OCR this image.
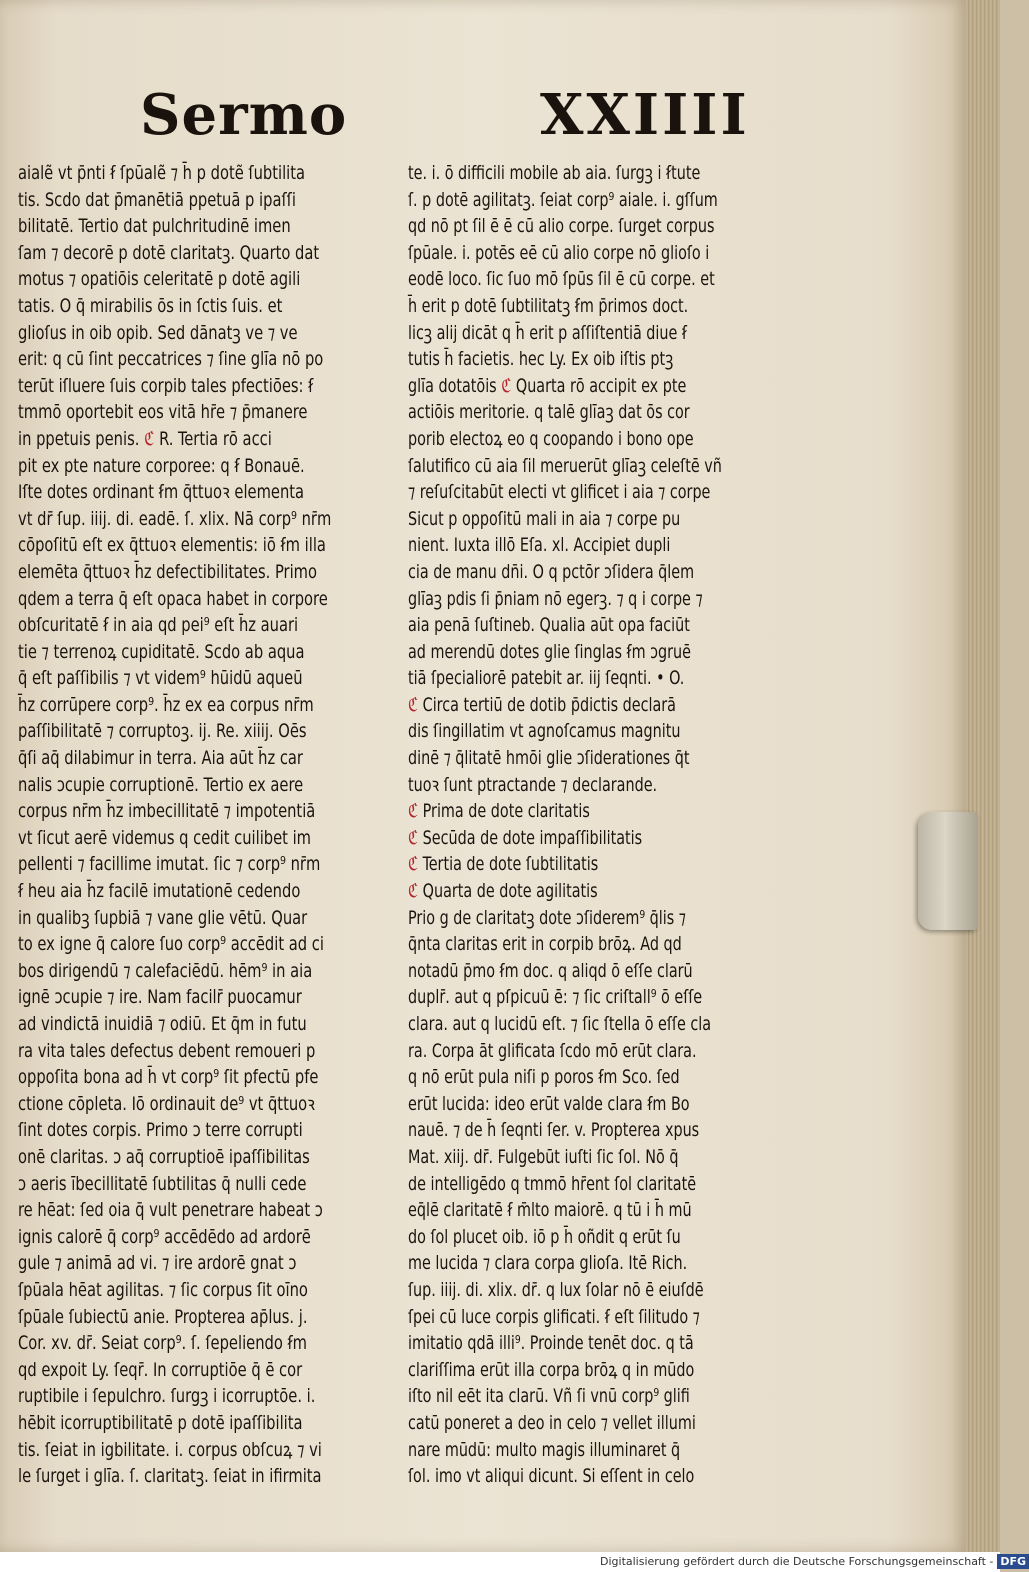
Sermo	XXIIII
aialẽ vt p̄nti ẜ ſpūalẽ ⁊ h̄ p dotẽ ſubtilita
tis. Scdo dat p̄manētiā ppetuā p ipaſſi
bilitatē. Tertio dat pulchritudinē imen
ſam ⁊ decorē p dotē claritatꝫ. Quarto dat
motus ⁊ opatiōis celeritatē p dotē agili
tatis. O q̄ mirabilis ōs in ſctis ſuis. et
glioſus in oib opib. Sed dānatꝫ ve ⁊ ve
erit: q cū ſint peccatrices ⁊ ſine glīa nō po
terūt iſluere ſuis corpib tales pfectiōes: ẜ
tmmō oportebit eos vitā hr̄e ⁊ p̄manere
in ppetuis penis. ℭ R. Tertia rō acci
pit ex pte nature corporee: q ẜ Bonauē.
Iſte dotes ordinant ẜm q̄ttuoꝛ elementa
vt dr̄ ſup. iiij. di. eadē. ſ. xlix. Nā corp⁹ nr̄m
cōpoſitū eſt ex q̄ttuoꝛ elementis: iō ẜm illa
elemēta q̄ttuoꝛ h̄z defectibilitates. Primo
qdem a terra q̄ eſt opaca habet in corpore
obſcuritatē ẜ in aia qd pei⁹ eſt h̄z auari
tie ⁊ terrenoꝝ cupiditatē. Scdo ab aqua
q̄ eſt paſſibilis ⁊ vt videm⁹ hūidū aqueū
h̄z corrūpere corp⁹. h̄z ex ea corpus nr̄m
paſſibilitatē ⁊ corruptoꝫ. ij. Re. xiiij. Oēs
q̄ſi aq̄ dilabimur in terra. Aia aūt h̄z car
nalis ↄcupie corruptionē. Tertio ex aere
corpus nr̄m h̄z imbecillitatē ⁊ impotentiā
vt ſicut aerē videmus q cedit cuilibet im
pellenti ⁊ facillime imutat. ſic ⁊ corp⁹ nr̄m
ẜ heu aia h̄z facilē imutationē cedendo
in qualibꝫ ſupbiā ⁊ vane glie vētū. Quar
to ex igne q̄ calore ſuo corp⁹ accēdit ad ci
bos dirigendū ⁊ calefaciēdū. hēm⁹ in aia
ignē ↄcupie ⁊ ire. Nam facilr̄ puocamur
ad vindictā inuidiā ⁊ odiū. Et q̄m in futu
ra vita tales defectus debent remoueri p
oppoſita bona ad h̄ vt corp⁹ ſit pfectū pfe
ctione cōpleta. Iō ordinauit de⁹ vt q̄ttuoꝛ
ſint dotes corpis. Primo ↄ terre corrupti
onē claritas. ↄ aq̄ corruptioē ipaſſibilitas
ↄ aeris ībecillitatē ſubtilitas q̄ nulli cede
re hēat: ſed oia q̄ vult penetrare habeat ↄ
ignis calorē q̄ corp⁹ accēdēdo ad ardorē
gule ⁊ animā ad vi. ⁊ ire ardorē gnat ↄ
ſpūala hēat agilitas. ⁊ ſic corpus ſit oīno
ſpūale ſubiectū anie. Propterea ap̄lus. j.
Cor. xv. dr̄. Seiat corp⁹. ſ. ſepeliendo ẜm
qd expoit Ly. ſeqr̄. In corruptiōe q̄ ē cor
ruptibile i ſepulchro. ſurgꝫ i icorruptōe. i.
hēbit icorruptibilitatē p dotē ipaſſibilita
tis. ſeiat in igbilitate. i. corpus obſcuꝝ ⁊ vi
le ſurget i glīa. ſ. claritatꝫ. ſeiat in ifirmita
te. i. ō difficili mobile ab aia. ſurgꝫ i ẜtute
ſ. p dotē agilitatꝫ. ſeiat corp⁹ aiale. i. gſſum
qd nō pt ſil ē ē cū alio corpe. ſurget corpus
ſpūale. i. potēs eē cū alio corpe nō glioſo i
eodē loco. ſic ſuo mō ſpūs ſil ē cū corpe. et
h̄ erit p dotē ſubtilitatꝫ ẜm p̄rimos doct.
licꝫ alij dicāt q h̄ erit p aſſiſtentiā diue ẜ
tutis h̄ facietis. hec Ly. Ex oib iſtis ptꝫ
glīa dotatōis ℭ Quarta rō accipit ex pte
actiōis meritorie. q talē glīaꝫ dat ōs cor
porib electoꝝ eo q coopando i bono ope
ſalutifico cū aia ſil meruerūt glīaꝫ celeſtē vñ
⁊ reſuſcitabūt electi vt glificet i aia ⁊ corpe
Sicut p oppoſitū mali in aia ⁊ corpe pu
nient. Iuxta illō Eſa. xl. Accipiet dupli
cia de manu dn̄i. O q pctōr ↄſidera q̄lem
glīaꝫ pdis ſi p̄niam nō egerꝫ. ⁊ q i corpe ⁊
aia penā ſuſtineb. Qualia aūt opa faciūt
ad merendū dotes glie ſinglas ẜm ↄgruē
tiā ſpecialiorē patebit ar. iij ſeqnti. • O.
ℭ Circa tertiū de dotib p̄dictis declarā
dis ſingillatim vt agnoſcamus magnitu
dinē ⁊ q̄litatē hmōi glie ↄſiderationes q̄t
tuoꝛ ſunt ptractande ⁊ declarande.
ℭ Prima de dote claritatis
ℭ Secūda de dote impaſſibilitatis
ℭ Tertia de dote ſubtilitatis
ℭ Quarta de dote agilitatis
Prio g de claritatꝫ dote ↄſiderem⁹ q̄lis ⁊
q̄nta claritas erit in corpib brōꝝ. Ad qd
notadū p̄mo ẜm doc. q aliqd ō eſſe clarū
duplr̄. aut q pſpicuū ē: ⁊ ſic criſtall⁹ ō eſſe
clara. aut q lucidū eſt. ⁊ ſic ſtella ō eſſe cla
ra. Corpa āt glificata ſcdo mō erūt clara.
q nō erūt pula niſi p poros ẜm Sco. ſed
erūt lucida: ideo erūt valde clara ẜm Bo
nauē. ⁊ de h̄ ſeqnti ſer. v. Propterea xpus
Mat. xiij. dr̄. Fulgebūt iuſti ſic ſol. Nō q̄
de intelligēdo q tmmō hr̄ent ſol claritatē
eq̄lē claritatē ẜ m̄lto maiorē. q tū i h̄ mū
do ſol plucet oib. iō p h̄ oñdit q erūt ſu
me lucida ⁊ clara corpa glioſa. Itē Rich.
ſup. iiij. di. xlix. dr̄. q lux ſolar nō ē eiuſdē
ſpei cū luce corpis glificati. ẜ eſt ſilitudo ⁊
imitatio qdā illi⁹. Proinde tenēt doc. q tā
clariſſima erūt illa corpa brōꝝ q in mūdo
iſto nil eēt ita clarū. Vñ ſi vnū corp⁹ glifi
catū poneret a deo in celo ⁊ vellet illumi
nare mūdū: multo magis illuminaret q̄
ſol. imo vt aliqui dicunt. Si eſſent in celo
Digitalisierung gefördert durch die Deutsche Forschungsgemeinschaft - DFG
